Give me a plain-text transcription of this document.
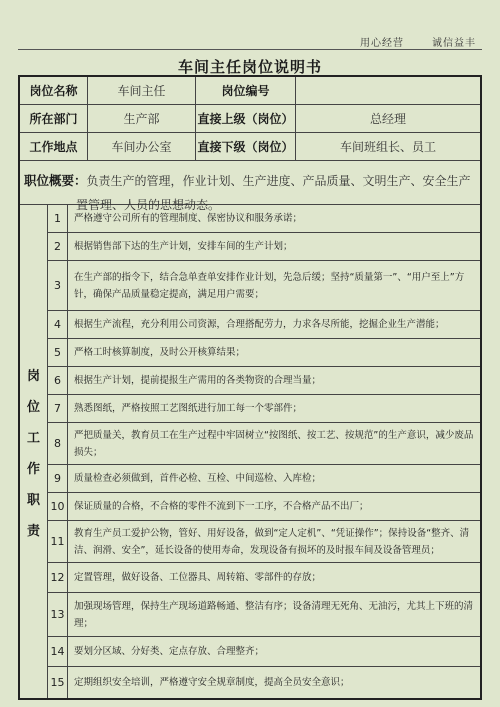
用心经营	诚信益丰
车间主任岗位说明书
岗位名称	车间主任	岗位编号
所在部门	生产部	直接上级（岗位）	总经理
工作地点	车间办公室	直接下级（岗位）	车间班组长、员工
职位概要：负责生产的管理，作业计划、生产进度、产品质量、文明生产、安全生产
置管理、人员的思想动态。
岗
位
工
作
职
责
1	严格遵守公司所有的管理制度、保密协议和服务承诺；
2	根据销售部下达的生产计划，安排车间的生产计划；
3
在生产部的指令下，结合急单查单安排作业计划，先急后缓；坚持“质量第一”、“用户至上”方针，确保产品质量稳定提高，满足用户需要；
4	根据生产流程，充分利用公司资源，合理搭配劳力，力求各尽所能，挖掘企业生产潜能；
5	严格工时核算制度，及时公开核算结果；
6	根据生产计划，提前提报生产需用的各类物资的合理当量；
7	熟悉图纸，严格按照工艺图纸进行加工每一个零部件；
8
严把质量关，教育员工在生产过程中牢固树立“按图纸、按工艺、按规范”的生产意识，减少废品损失；
9	质量检查必须做到，首件必检、互检、中间巡检、入库检；
10	保证质量的合格，不合格的零件不流到下一工序，不合格产品不出厂；
11
教育生产员工爱护公物，管好、用好设备，做到“定人定机”、“凭证操作”；保持设备“整齐、清洁、润滑、安全”，延长设备的使用寿命，发现设备有损坏的及时报车间及设备管理员；
12	定置管理，做好设备、工位器具、周转箱、零部件的存放；
13
加强现场管理，保持生产现场道路畅通、整洁有序；设备清理无死角、无油污，尤其上下班的清理；
14	要划分区域、分好类、定点存放、合理整齐；
15	定期组织安全培训，严格遵守安全规章制度，提高全员安全意识；
